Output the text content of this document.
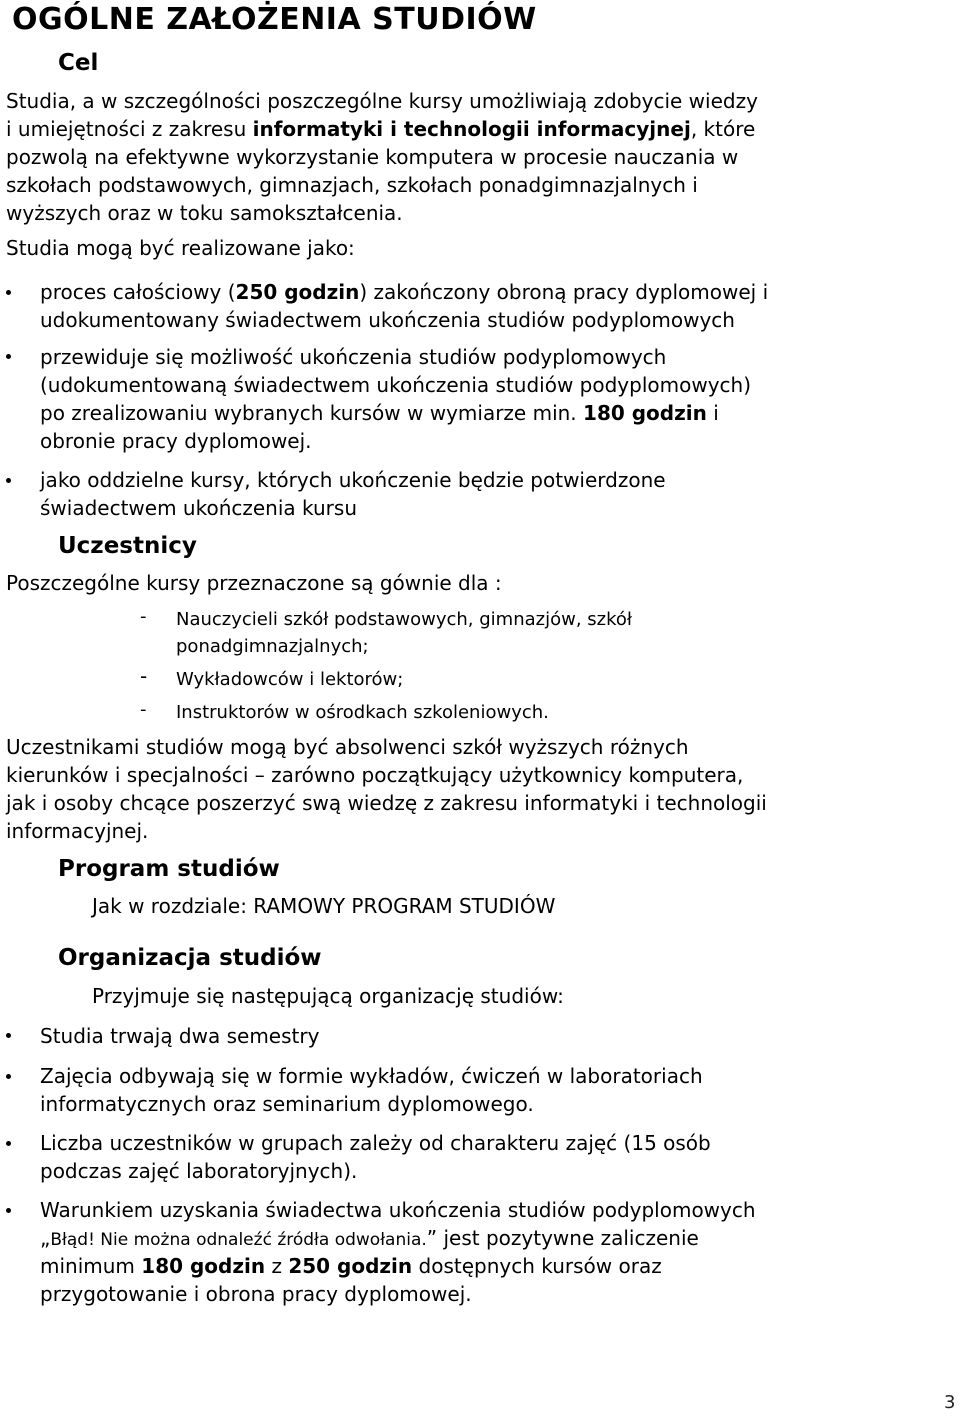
OGÓLNE ZAŁOŻENIA STUDIÓW
Cel
Studia, a w szczególności poszczególne kursy umożliwiają zdobycie wiedzy
i umiejętności z zakresu informatyki i technologii informacyjnej, które
pozwolą na efektywne wykorzystanie komputera w procesie nauczania w
szkołach podstawowych, gimnazjach, szkołach ponadgimnazjalnych i
wyższych oraz w toku samokształcenia.
Studia mogą być realizowane jako:
proces całościowy (250 godzin) zakończony obroną pracy dyplomowej i
udokumentowany świadectwem ukończenia studiów podyplomowych
przewiduje się możliwość ukończenia studiów podyplomowych
(udokumentowaną świadectwem ukończenia studiów podyplomowych)
po zrealizowaniu wybranych kursów w wymiarze min. 180 godzin i
obronie pracy dyplomowej.
jako oddzielne kursy, których ukończenie będzie potwierdzone
świadectwem ukończenia kursu
Uczestnicy
Poszczególne kursy przeznaczone są gównie dla :
- Nauczycieli szkół podstawowych, gimnazjów, szkół
ponadgimnazjalnych;
- Wykładowców i lektorów;
- Instruktorów w ośrodkach szkoleniowych.
Uczestnikami studiów mogą być absolwenci szkół wyższych różnych
kierunków i specjalności – zarówno początkujący użytkownicy komputera,
jak i osoby chcące poszerzyć swą wiedzę z zakresu informatyki i technologii
informacyjnej.
Program studiów
Jak w rozdziale: RAMOWY PROGRAM STUDIÓW
Organizacja studiów
Przyjmuje się następującą organizację studiów:
Studia trwają dwa semestry
Zajęcia odbywają się w formie wykładów, ćwiczeń w laboratoriach
informatycznych oraz seminarium dyplomowego.
Liczba uczestników w grupach zależy od charakteru zajęć (15 osób
podczas zajęć laboratoryjnych).
Warunkiem uzyskania świadectwa ukończenia studiów podyplomowych
„Błąd! Nie można odnaleźć źródła odwołania.” jest pozytywne zaliczenie
minimum 180 godzin z 250 godzin dostępnych kursów oraz
przygotowanie i obrona pracy dyplomowej.
3
